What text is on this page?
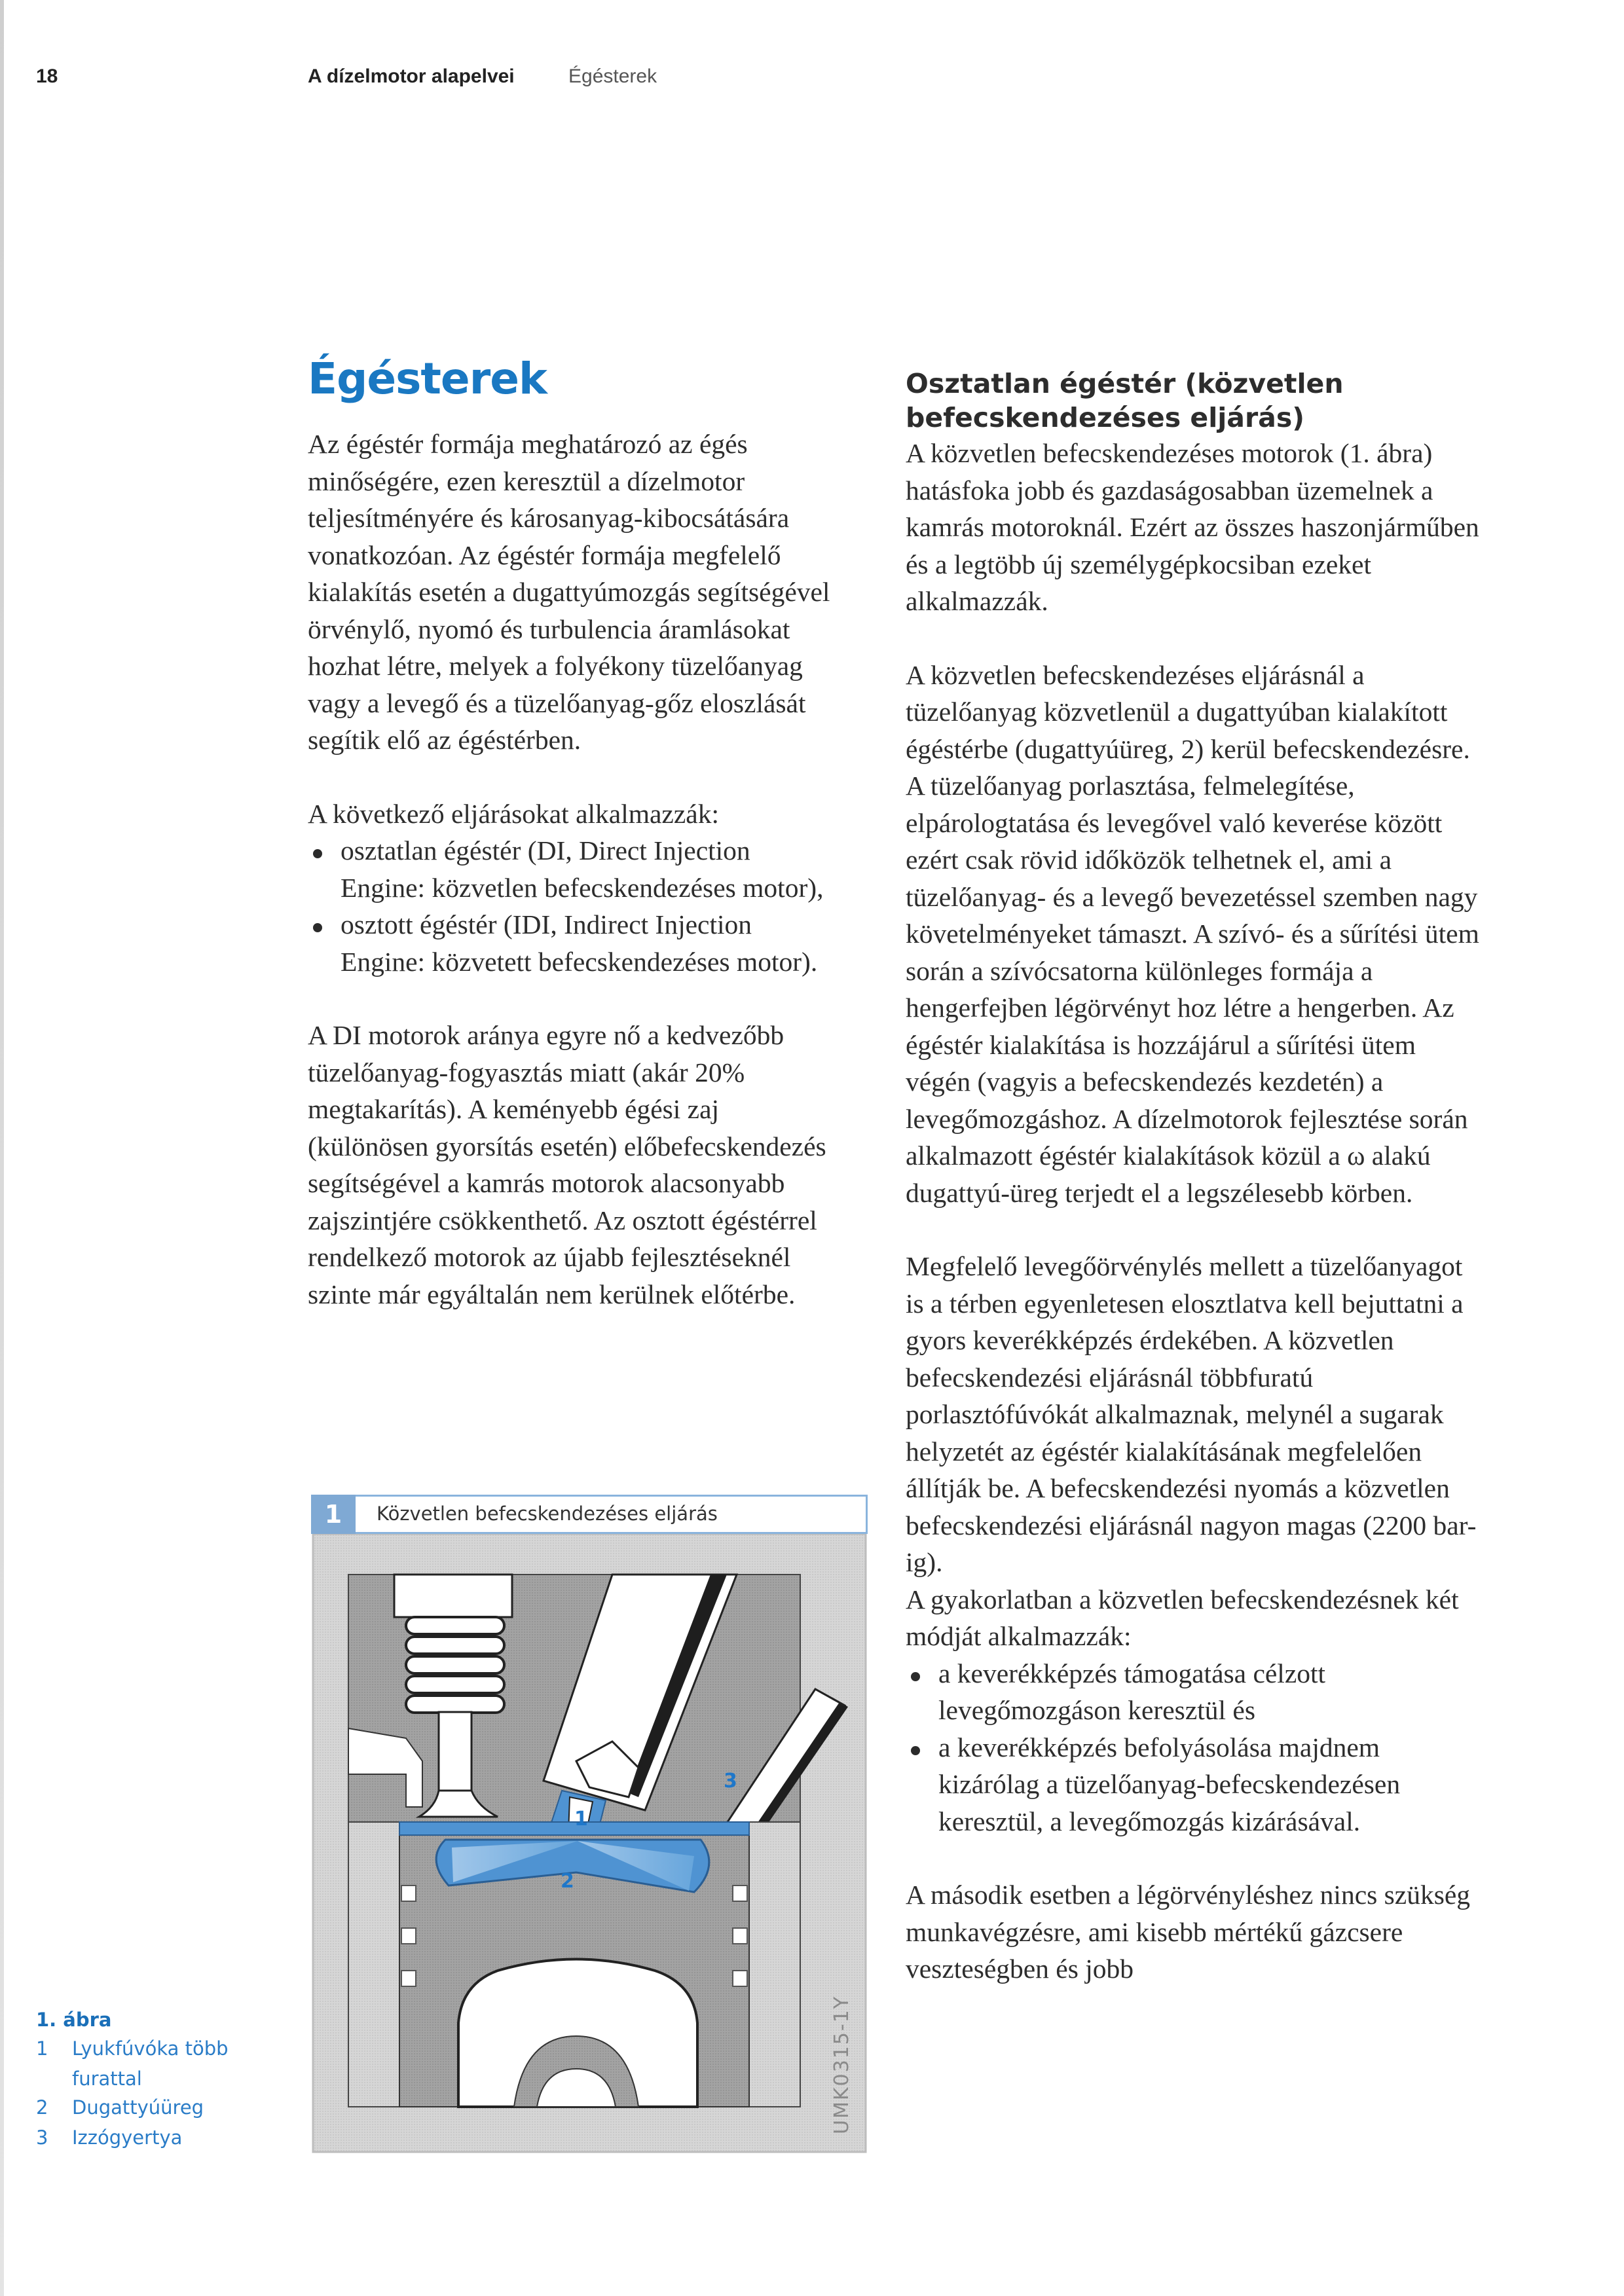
18	A dízelmotor alapelvei	Égésterek
Égésterek

Az égéstér formája meghatározó az égés minőségére, ezen keresztül a dízelmotor teljesítményére és károsanyag-kibocsátására vonatkozóan. Az égéstér formája megfelelő kialakítás esetén a dugattyúmozgás segítségével örvénylő, nyomó és turbulencia áramlásokat hozhat létre, melyek a folyékony tüzelőanyag vagy a levegő és a tüzelőanyag-gőz eloszlását segítik elő az égéstérben.

A következő eljárásokat alkalmazzák:

osztatlan égéstér (DI, Direct Injection Engine: közvetlen befecskendezéses motor),
osztott égéstér (IDI, Indirect Injection Engine: közvetett befecskendezéses motor).

A DI motorok aránya egyre nő a kedvezőbb tüzelőanyag-fogyasztás miatt (akár 20% megtakarítás). A keményebb égési zaj (különösen gyorsítás esetén) előbefecskendezés segítségével a kamrás motorok alacsonyabb zajszintjére csökkenthető. Az osztott égéstérrel rendelkező motorok az újabb fejlesztéseknél szinte már egyáltalán nem kerülnek előtérbe.

1
2
3
1	Közvetlen befecskendezéses eljárás
UMK0315-1Y
1. ábra
1 Lyukfúvóka több
furattal
2 Dugattyúüreg
3 Izzógyertya
Osztatlan égéstér (közvetlen befecskendezéses eljárás)

A közvetlen befecskendezéses motorok (1. ábra) hatásfoka jobb és gazdaságosabban üzemelnek a kamrás motoroknál. Ezért az összes haszonjárműben és a legtöbb új személygépkocsiban ezeket alkalmazzák.

A közvetlen befecskendezéses eljárásnál a tüzelőanyag közvetlenül a dugattyúban kialakított égéstérbe (dugattyúüreg, 2) kerül befecskendezésre. A tüzelőanyag porlasztása, felmelegítése, elpárologtatása és levegővel való keverése között ezért csak rövid időközök telhetnek el, ami a tüzelőanyag- és a levegő bevezetéssel szemben nagy követelményeket támaszt. A szívó- és a sűrítési ütem során a szívócsatorna különleges formája a hengerfejben légörvényt hoz létre a hengerben. Az égéstér kialakítása is hozzájárul a sűrítési ütem végén (vagyis a befecskendezés kezdetén) a levegőmozgáshoz. A dízelmotorok fejlesztése során alkalmazott égéstér kialakítások közül a ω alakú dugattyú-üreg terjedt el a legszélesebb körben.

Megfelelő levegőörvénylés mellett a tüzelőanyagot is a térben egyenletesen elosztlatva kell bejuttatni a gyors keverékképzés érdekében. A közvetlen befecskendezési eljárásnál többfuratú porlasztófúvókát alkalmaznak, melynél a sugarak helyzetét az égéstér kialakításának megfelelően állítják be. A befecskendezési nyomás a közvetlen befecskendezési eljárásnál nagyon magas (2200 bar-ig).

A gyakorlatban a közvetlen befecskendezésnek két módját alkalmazzák:

a keverékképzés támogatása célzott levegőmozgáson keresztül és
a keverékképzés befolyásolása majdnem kizárólag a tüzelőanyag-befecskendezésen keresztül, a levegőmozgás kizárásával.

A második esetben a légörvényléshez nincs szükség munkavégzésre, ami kisebb mértékű gázcsere veszteségben és jobb
